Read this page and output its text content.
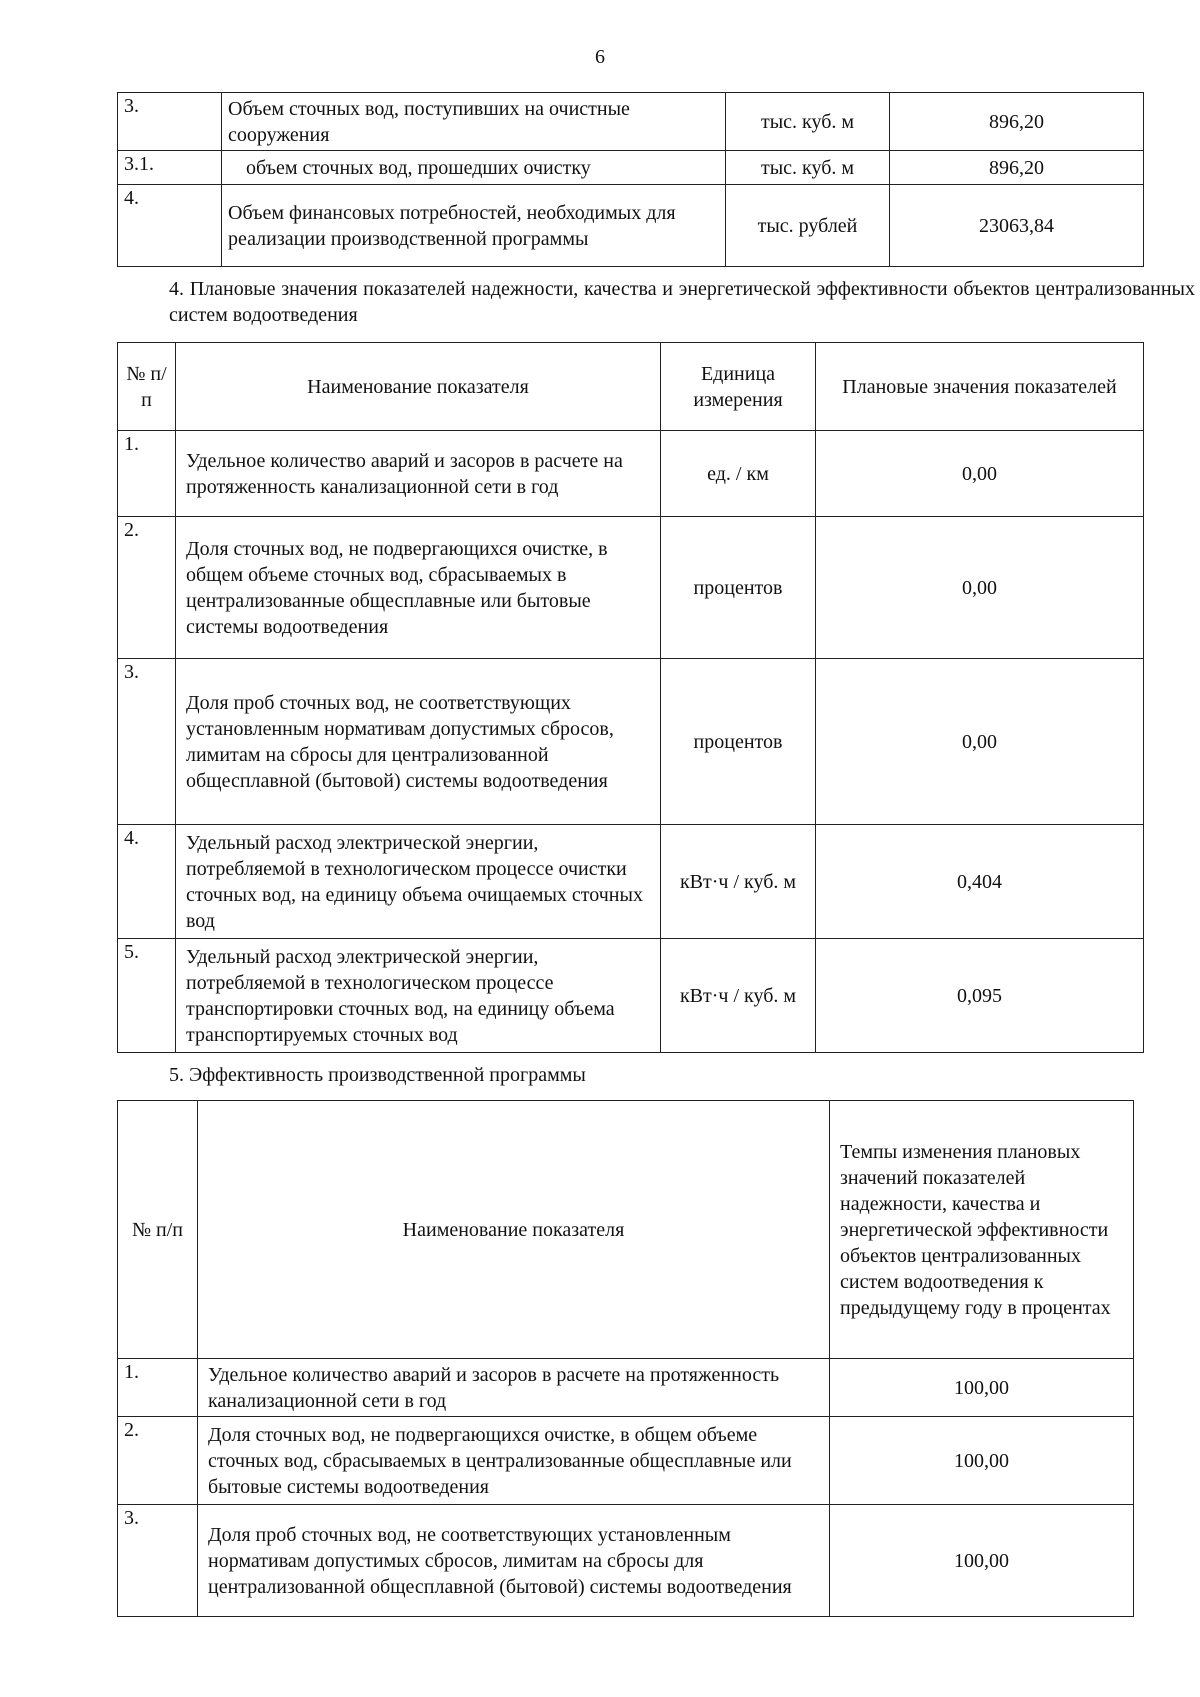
6
3.	Объем сточных вод, поступивших на очистные сооружения	тыс. куб. м	896,20
3.1.	объем сточных вод, прошедших очистку	тыс. куб. м	896,20
4.	Объем финансовых потребностей, необходимых для реализации производственной программы	тыс. рублей	23063,84
4. Плановые значения показателей надежности, качества и энергетической эффективности объектов централизованных систем водоотведения
№ п/п	Наименование показателя	Единица измерения	Плановые значения показателей
1.	Удельное количество аварий и засоров в расчете на протяженность канализационной сети в год	ед. / км	0,00
2.	Доля сточных вод, не подвергающихся очистке, в общем объеме сточных вод, сбрасываемых в централизованные общесплавные или бытовые системы водоотведения	процентов	0,00
3.	Доля проб сточных вод, не соответствующих установленным нормативам допустимых сбросов, лимитам на сбросы для централизованной общесплавной (бытовой) системы водоотведения	процентов	0,00
4.	Удельный расход электрической энергии, потребляемой в технологическом процессе очистки сточных вод, на единицу объема очищаемых сточных вод	кВт·ч / куб. м	0,404
5.	Удельный расход электрической энергии, потребляемой в технологическом процессе транспортировки сточных вод, на единицу объема транспортируемых сточных вод	кВт·ч / куб. м	0,095
5. Эффективность производственной программы
№ п/п	Наименование показателя	Темпы изменения плановых значений показателей надежности, качества и энергетической эффективности объектов централизованных систем водоотведения к предыдущему году в процентах
1.	Удельное количество аварий и засоров в расчете на протяженность канализационной сети в год	100,00
2.	Доля сточных вод, не подвергающихся очистке, в общем объеме сточных вод, сбрасываемых в централизованные общесплавные или бытовые системы водоотведения	100,00
3.	Доля проб сточных вод, не соответствующих установленным нормативам допустимых сбросов, лимитам на сбросы для централизованной общесплавной (бытовой) системы водоотведения	100,00
